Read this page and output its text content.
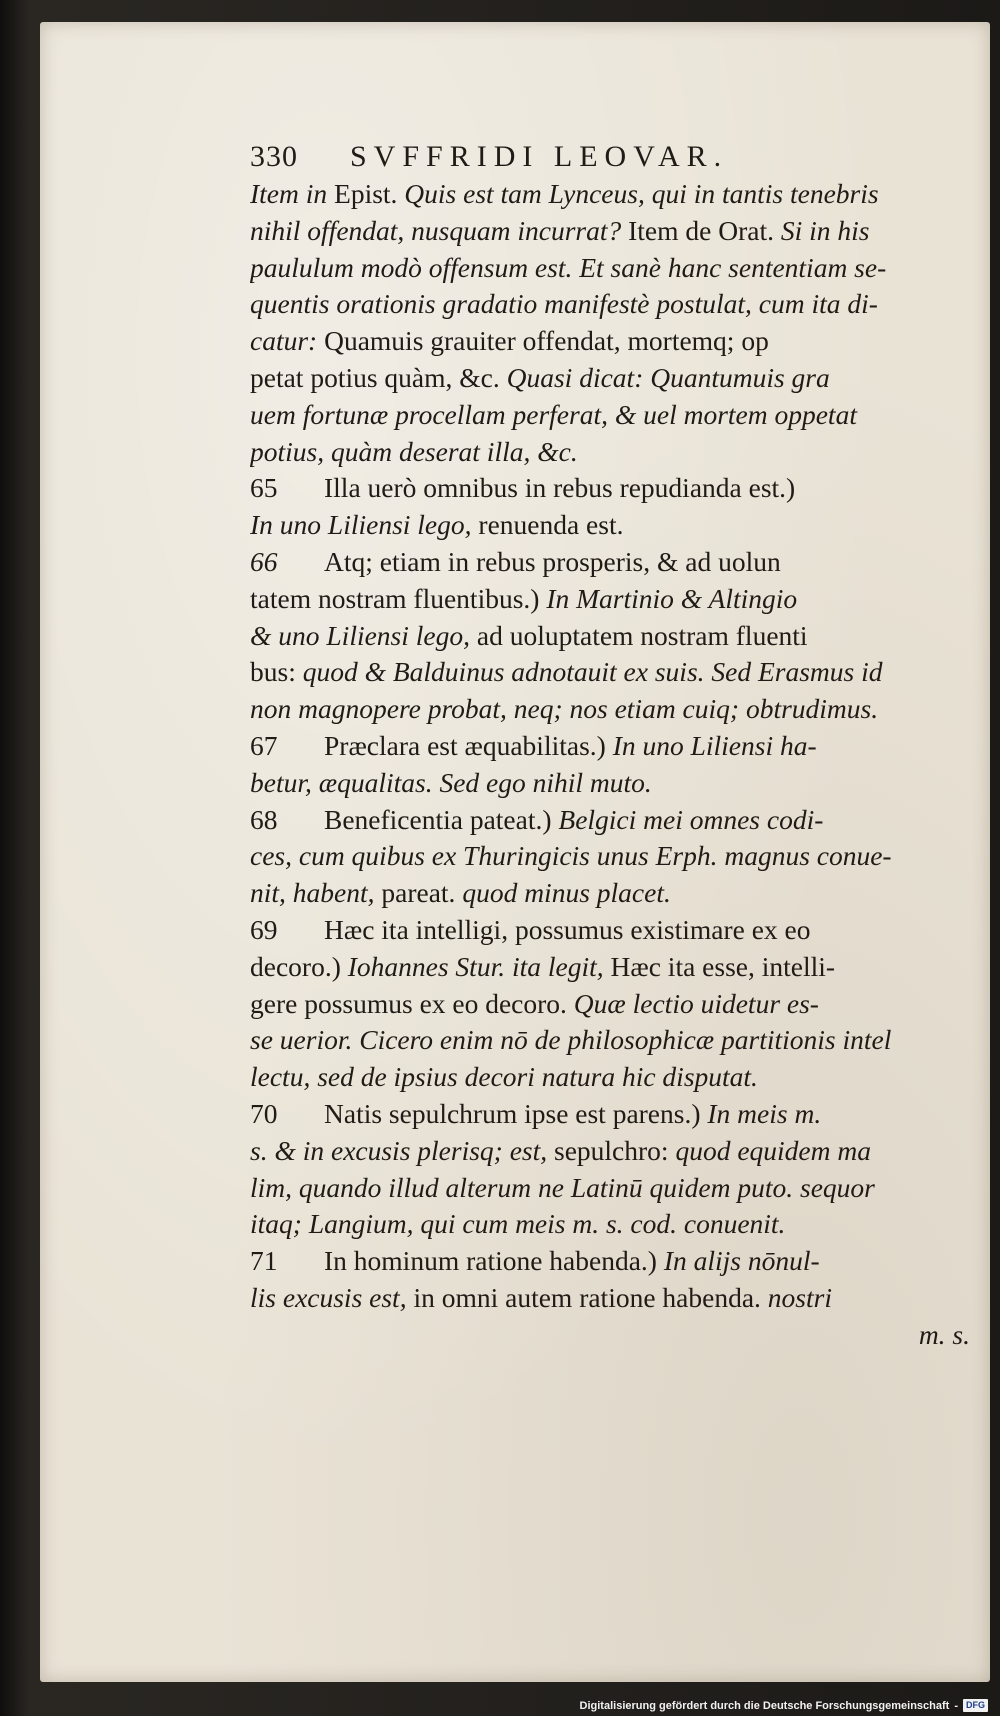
330	SVFFRIDI LEOVAR.
Item in Epist. Quis est tam Lynceus, qui in tantis tenebris
nihil offendat, nusquam incurrat? Item de Orat. Si in his
paululum modò offensum est. Et sanè hanc sententiam se-
quentis orationis gradatio manifestè postulat, cum ita di-
catur: Quamuis grauiter offendat, mortemq; op
petat potius quàm, &c. Quasi dicat: Quantumuis gra
uem fortunæ procellam perferat, & uel mortem oppetat
potius, quàm deserat illa, &c.
65 Illa uerò omnibus in rebus repudianda est.)
In uno Liliensi lego, renuenda est.
66 Atq; etiam in rebus prosperis, & ad uolun
tatem nostram fluentibus.) In Martinio & Altingio
& uno Liliensi lego, ad uoluptatem nostram fluenti
bus: quod & Balduinus adnotauit ex suis. Sed Erasmus id
non magnopere probat, neq; nos etiam cuiq; obtrudimus.
67 Præclara est æquabilitas.) In uno Liliensi ha-
betur, æqualitas. Sed ego nihil muto.
68 Beneficentia pateat.) Belgici mei omnes codi-
ces, cum quibus ex Thuringicis unus Erph. magnus conue-
nit, habent, pareat. quod minus placet.
69 Hæc ita intelligi, possumus existimare ex eo
decoro.) Iohannes Stur. ita legit, Hæc ita esse, intelli-
gere possumus ex eo decoro. Quæ lectio uidetur es-
se uerior. Cicero enim nō de philosophicæ partitionis intel
lectu, sed de ipsius decori natura hic disputat.
70 Natis sepulchrum ipse est parens.) In meis m.
s. & in excusis plerisq; est, sepulchro: quod equidem ma
lim, quando illud alterum ne Latinū quidem puto. sequor
itaq; Langium, qui cum meis m. s. cod. conuenit.
71 In hominum ratione habenda.) In alijs nōnul-
lis excusis est, in omni autem ratione habenda. nostri
m. s.
Digitalisierung gefördert durch die Deutsche Forschungsgemeinschaft - DFG
